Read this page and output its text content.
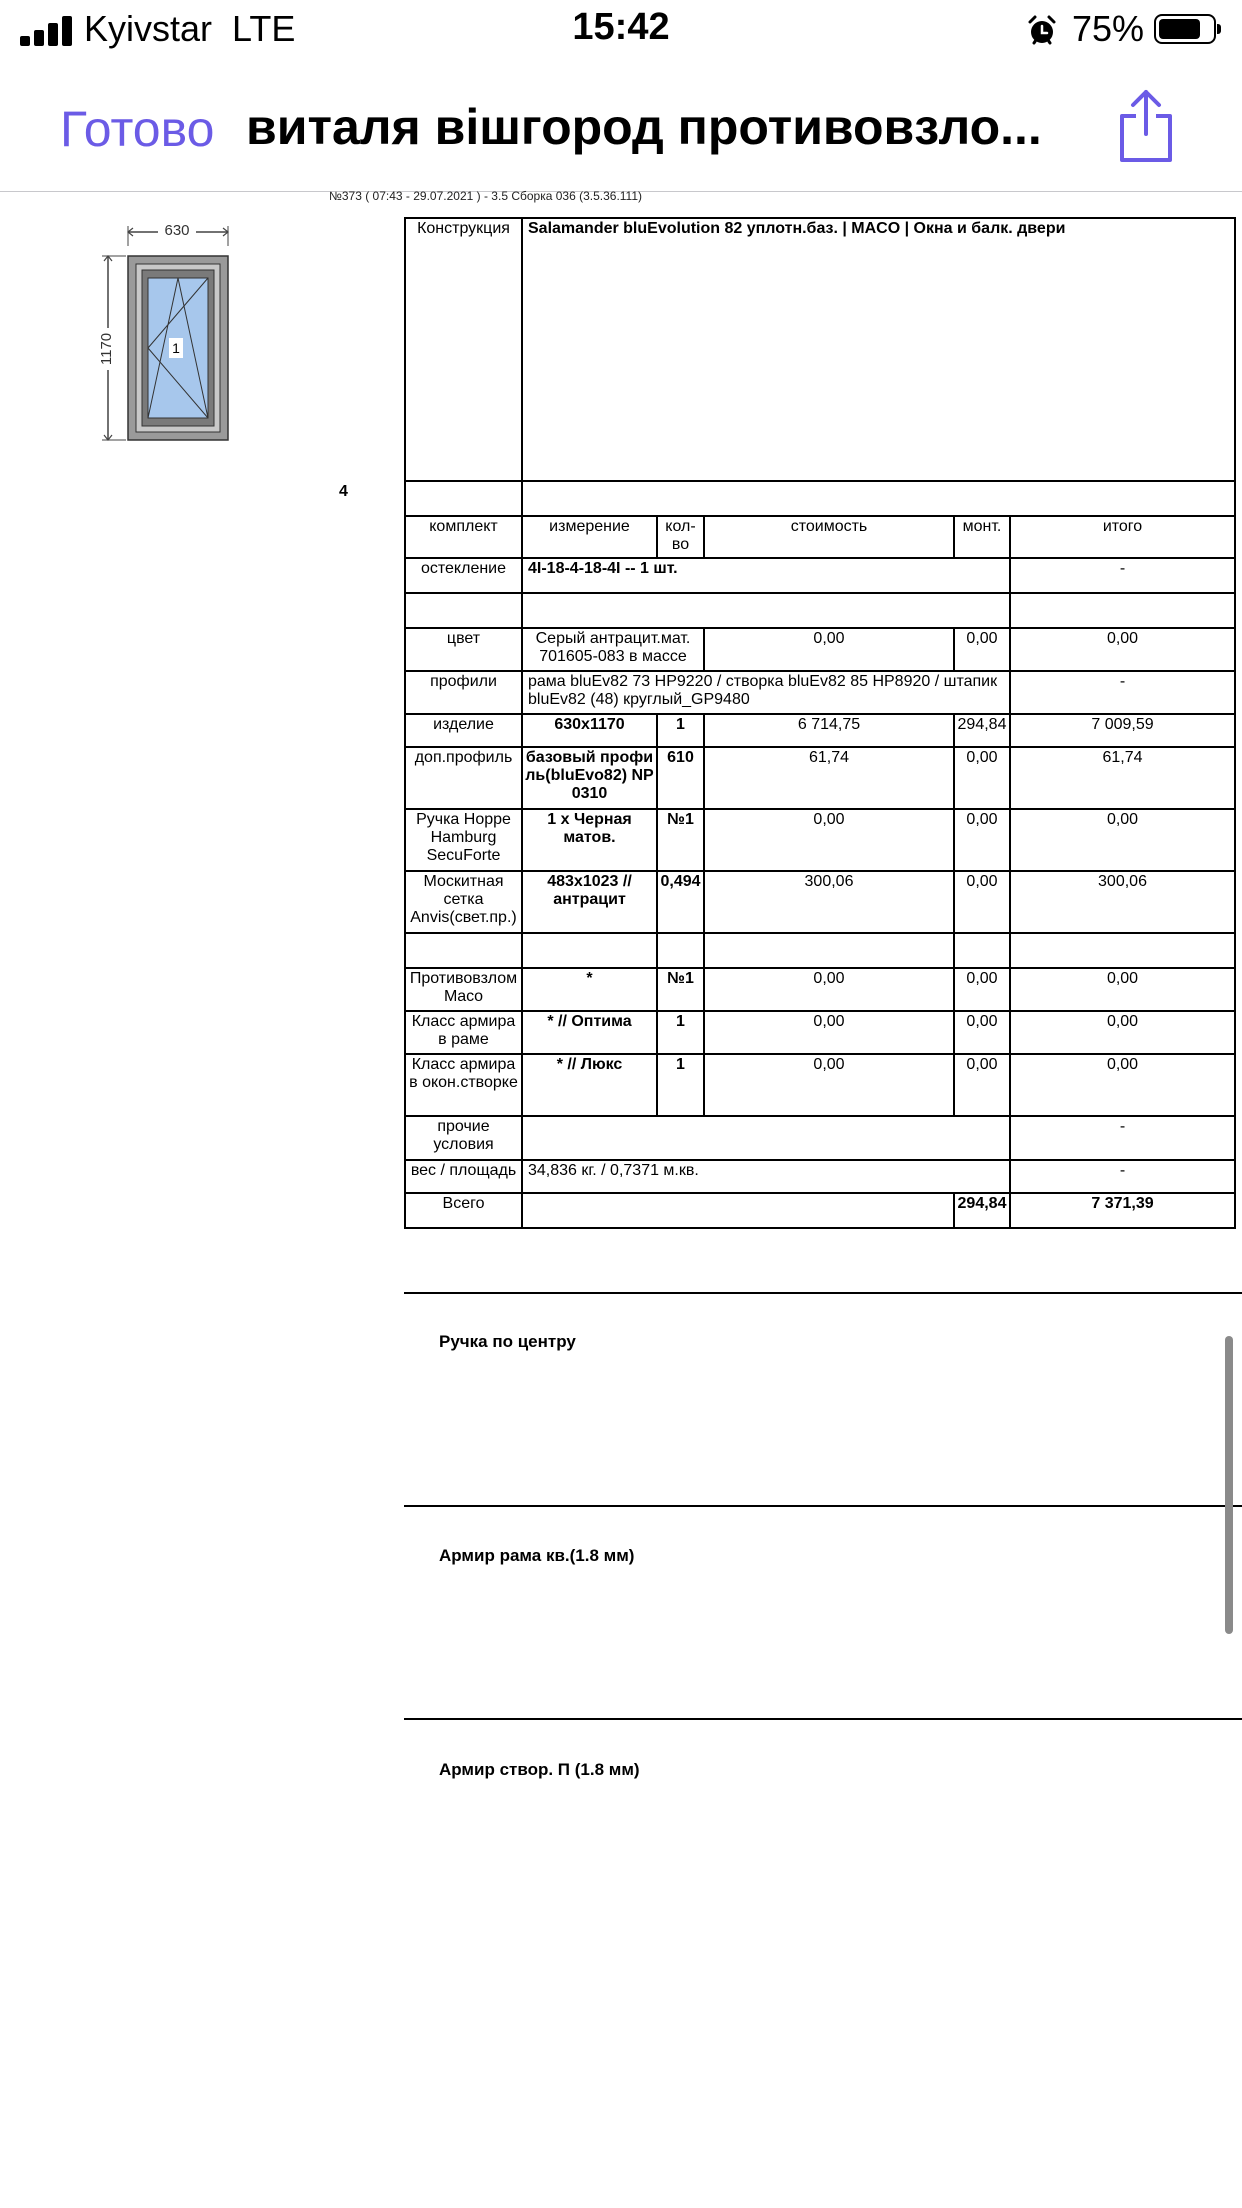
Kyivstar LTE	15:42	75%
Готово виталя вішгород противовзло...
№373 ( 07:43 - 29.07.2021 ) - 3.5 Сборка 036 (3.5.36.111)
630
1170	1
4
Конструкция	Salamander bluEvolution 82 уплотн.баз. | MACO | Окна и балк. двери				

комплект	измерение	кол-во	стоимость	монт.	итого
остекление	4I-18-4-18-4I -- 1 шт.				-

цвет	Серый антрацит.мат. 701605-083 в массе		0,00	0,00	0,00
профили	рама bluEv82 73 HP9220 / створка bluEv82 85 HP8920 / штапик bluEv82 (48) круглый_GP9480				-
изделие	630x1170	1	6 714,75	294,84	7 009,59
доп.профиль	базовый профиль(bluEvo82) NP0310	610	61,74	0,00	61,74
Ручка Hoppe Hamburg SecuForte	1 x Черная матов.	№1	0,00	0,00	0,00
Москитная сетка Anvis(свет.пр.)	483x1023 // антрацит	0,494	300,06	0,00	300,06

Противовзлом Maco	*	№1	0,00	0,00	0,00
Класс армира в раме	* // Оптима	1	0,00	0,00	0,00
Класс армира в окон.створке	* // Люкс	1	0,00	0,00	0,00
прочие условия					-
вес / площадь	34,836 кг. / 0,7371 м.кв.				-
Всего				294,84	7 371,39
Ручка по центру
Армир рама кв.(1.8 мм)
Армир створ. П (1.8 мм)
